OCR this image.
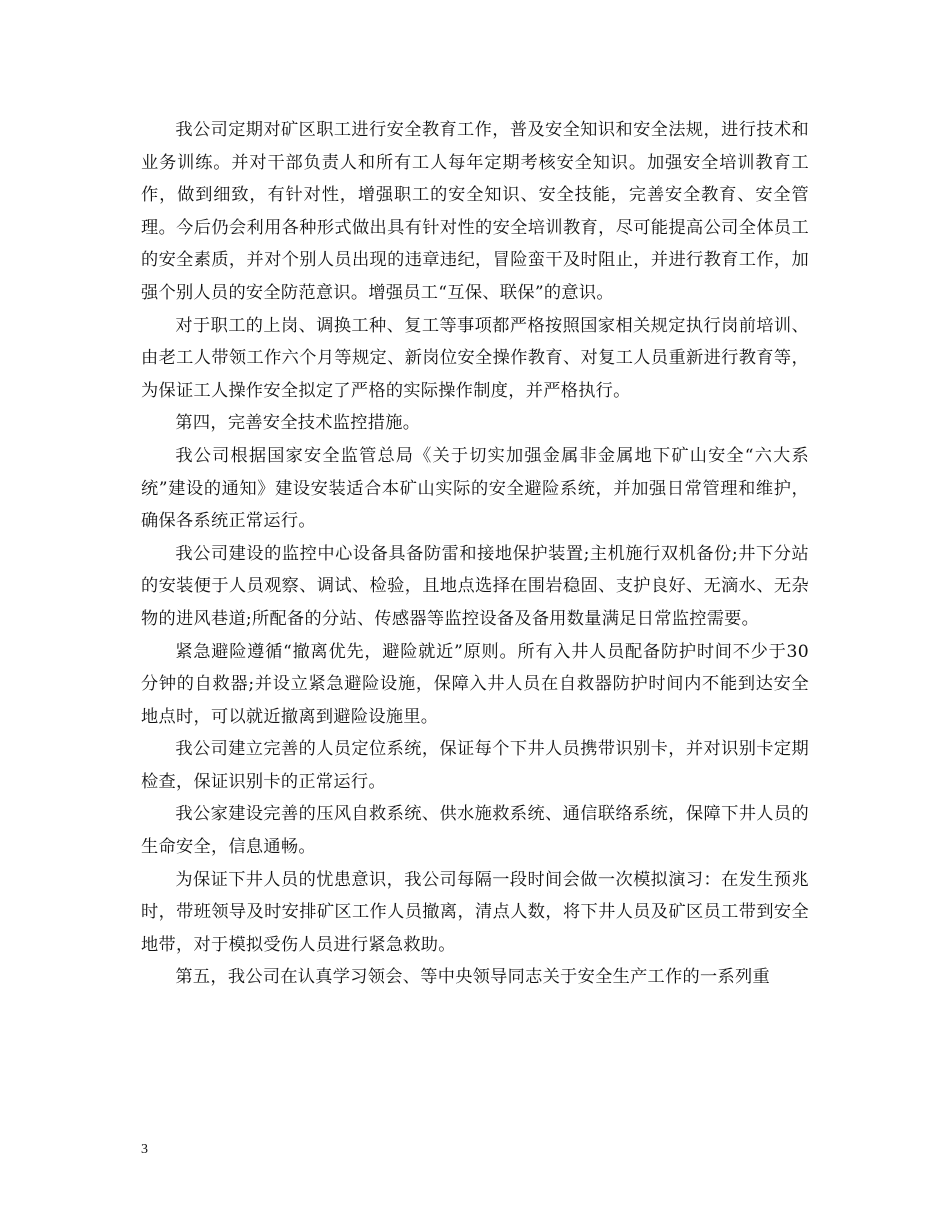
我公司定期对矿区职工进行安全教育工作，普及安全知识和安全法规，进行技术和业务训练。并对干部负责人和所有工人每年定期考核安全知识。加强安全培训教育工作，做到细致，有针对性，增强职工的安全知识、安全技能，完善安全教育、安全管理。今后仍会利用各种形式做出具有针对性的安全培训教育，尽可能提高公司全体员工的安全素质，并对个别人员出现的违章违纪，冒险蛮干及时阻止，并进行教育工作，加强个别人员的安全防范意识。增强员工“互保、联保”的意识。

对于职工的上岗、调换工种、复工等事项都严格按照国家相关规定执行岗前培训、由老工人带领工作六个月等规定、新岗位安全操作教育、对复工人员重新进行教育等，为保证工人操作安全拟定了严格的实际操作制度，并严格执行。

第四，完善安全技术监控措施。

我公司根据国家安全监管总局《关于切实加强金属非金属地下矿山安全“六大系统”建设的通知》建设安装适合本矿山实际的安全避险系统，并加强日常管理和维护，确保各系统正常运行。

我公司建设的监控中心设备具备防雷和接地保护装置;主机施行双机备份;井下分站的安装便于人员观察、调试、检验，且地点选择在围岩稳固、支护良好、无滴水、无杂物的进风巷道;所配备的分站、传感器等监控设备及备用数量满足日常监控需要。

紧急避险遵循“撤离优先，避险就近”原则。所有入井人员配备防护时间不少于30分钟的自救器;并设立紧急避险设施，保障入井人员在自救器防护时间内不能到达安全地点时，可以就近撤离到避险设施里。

我公司建立完善的人员定位系统，保证每个下井人员携带识别卡，并对识别卡定期检查，保证识别卡的正常运行。

我公家建设完善的压风自救系统、供水施救系统、通信联络系统，保障下井人员的生命安全，信息通畅。

为保证下井人员的忧患意识，我公司每隔一段时间会做一次模拟演习：在发生预兆时，带班领导及时安排矿区工作人员撤离，清点人数，将下井人员及矿区员工带到安全地带，对于模拟受伤人员进行紧急救助。

第五，我公司在认真学习领会、等中央领导同志关于安全生产工作的一系列重

3
